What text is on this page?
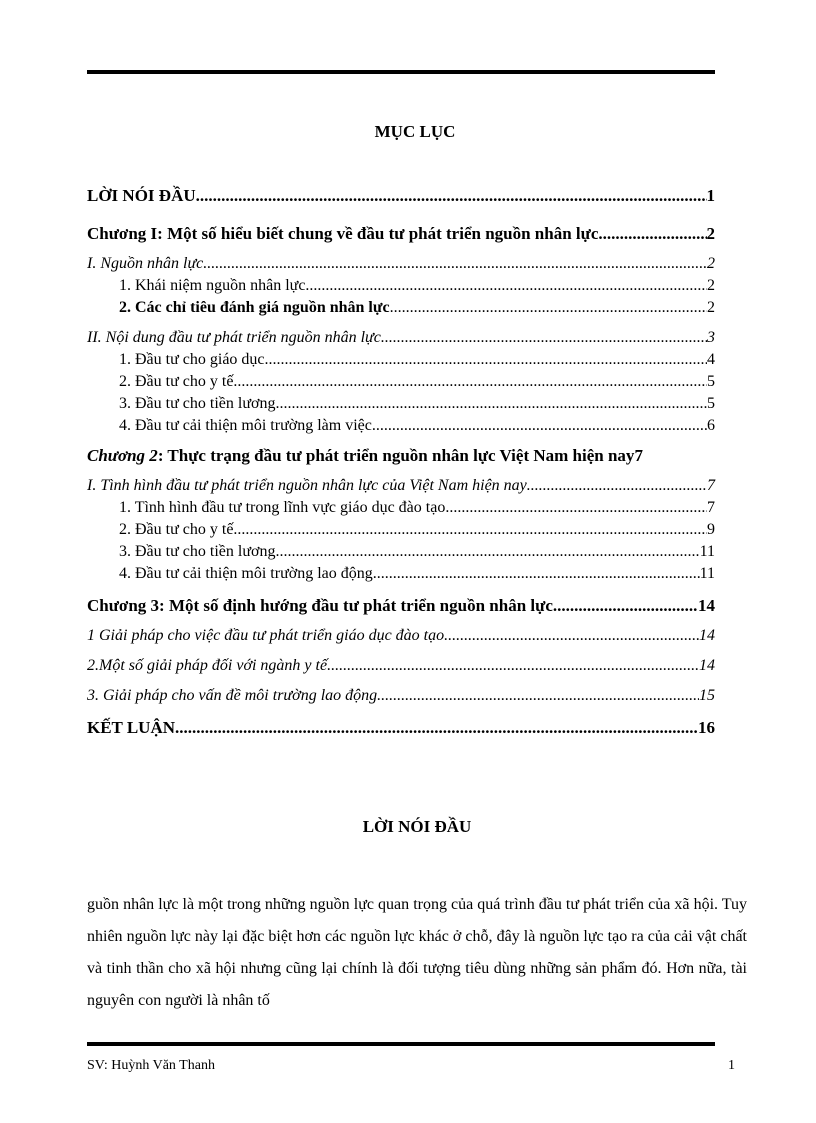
MỤC LỤC
LỜI NÓI ĐẦU .....	1
Chương I: Một số hiểu biết chung về đầu tư phát triển nguồn nhân lực .....	2
I. Nguồn nhân lực .....	2
1. Khái niệm nguồn nhân lực .....	2
2. Các chỉ tiêu đánh giá nguồn nhân lực .....	2
II. Nội dung đầu tư phát triển nguồn nhân lực .....	3
1. Đầu tư cho giáo dục .....	4
2. Đầu tư cho y tế .....	5
3. Đầu tư cho tiền lương .....	5
4. Đầu tư cải thiện môi trường làm việc .....	6
Chương 2: Thực trạng đầu tư phát triển nguồn nhân lực Việt Nam hiện nay 7
I. Tình hình đầu tư phát triển nguồn nhân lực của Việt Nam hiện nay .....	7
1. Tình hình đầu tư trong lĩnh vực giáo dục đào tạo .....	7
2. Đầu tư cho y tế .....	9
3. Đầu tư cho tiền lương .....	11
4. Đầu tư cải thiện môi trường lao động .....	11
Chương 3: Một số định hướng đầu tư phát triển nguồn nhân lực .....	14
1 Giải pháp cho việc đầu tư phát triển giáo dục đào tạo .....	14
2.Một số giải pháp đối với ngành y tế .....	14
3. Giải pháp cho vấn đề môi trường lao động .....	15
KẾT LUẬN .....	16
LỜI NÓI ĐẦU
guồn nhân lực là một trong những nguồn lực quan trọng của quá trình đầu tư phát triển của xã hội. Tuy nhiên nguồn lực này lại đặc biệt hơn các nguồn lực khác ở chỗ, đây là nguồn lực tạo ra của cải vật chất và tinh thần cho xã hội nhưng cũng lại chính là đối tượng tiêu dùng những sản phẩm đó. Hơn nữa, tài nguyên con người là nhân tố
SV: Huỳnh Văn Thanh	1
